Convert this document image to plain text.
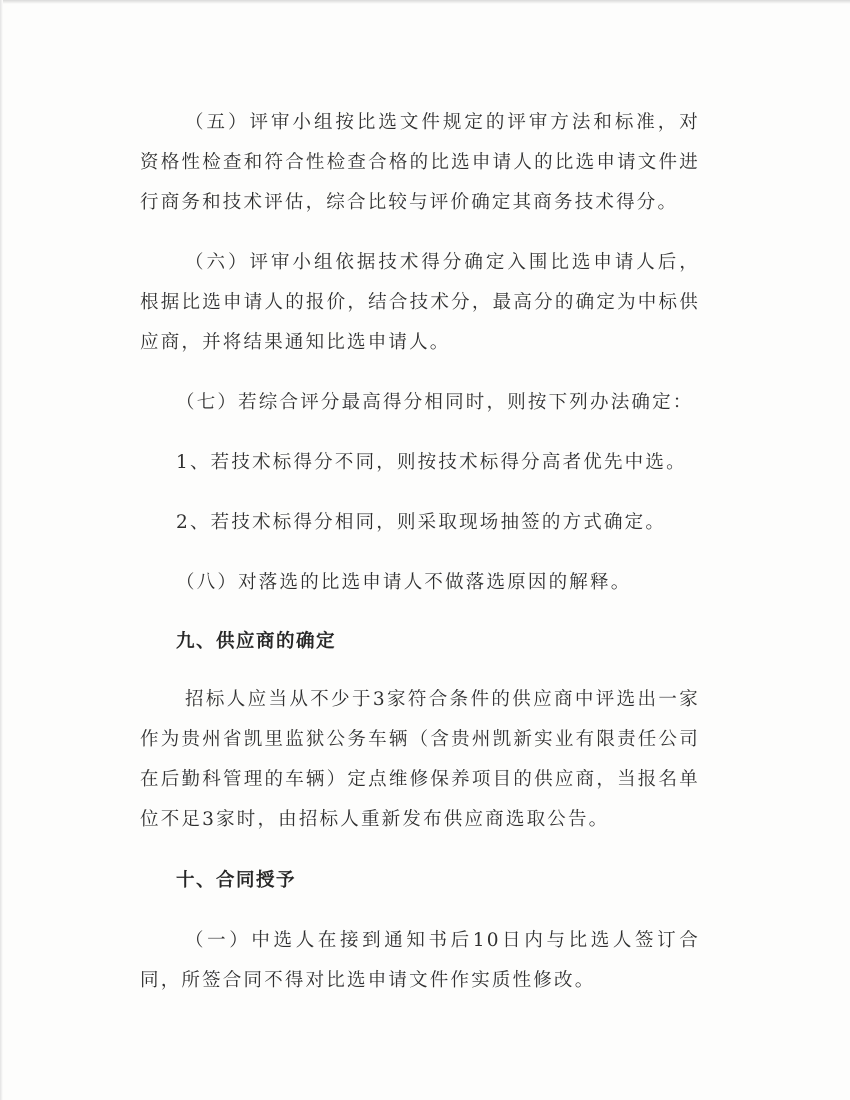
（五）评审小组按比选文件规定的评审方法和标准，对资格性检查和符合性检查合格的比选申请人的比选申请文件进行商务和技术评估，综合比较与评价确定其商务技术得分。

（六）评审小组依据技术得分确定入围比选申请人后，根据比选申请人的报价，结合技术分，最高分的确定为中标供应商，并将结果通知比选申请人。

（七）若综合评分最高得分相同时，则按下列办法确定：

1、若技术标得分不同，则按技术标得分高者优先中选。

2、若技术标得分相同，则采取现场抽签的方式确定。

（八）对落选的比选申请人不做落选原因的解释。

九、供应商的确定

招标人应当从不少于3家符合条件的供应商中评选出一家作为贵州省凯里监狱公务车辆（含贵州凯新实业有限责任公司在后勤科管理的车辆）定点维修保养项目的供应商，当报名单位不足3家时，由招标人重新发布供应商选取公告。

十、合同授予

（一）中选人在接到通知书后10日内与比选人签订合同，所签合同不得对比选申请文件作实质性修改。
